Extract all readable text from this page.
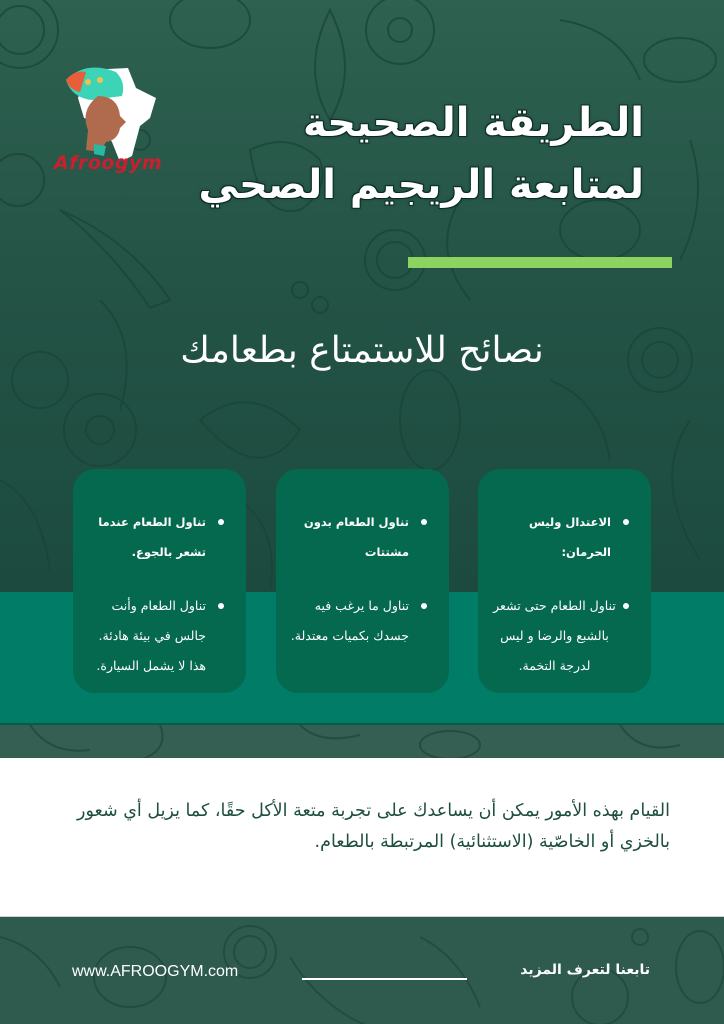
Afroogym
الطريقة الصحيحة
لمتابعة الريجيم الصحي
نصائح للاستمتاع بطعامك
الاعتدال وليس الحرمان:
تناول الطعام حتى تشعر بالشبع والرضا و ليس لدرجة التخمة.
تناول الطعام بدون مشتتات
تناول ما يرغب فيه جسدك بكميات معتدلة.
تناول الطعام عندما تشعر بالجوع.
تناول الطعام وأنت جالس في بيئة هادئة. هذا لا يشمل السيارة.

القيام بهذه الأمور يمكن أن يساعدك على تجربة متعة الأكل حقًا، كما يزيل أي شعور بالخزي أو الخاصّية (الاستثنائية) المرتبطة بالطعام.

تابعنا لتعرف المزيد
www.AFROOGYM.com
